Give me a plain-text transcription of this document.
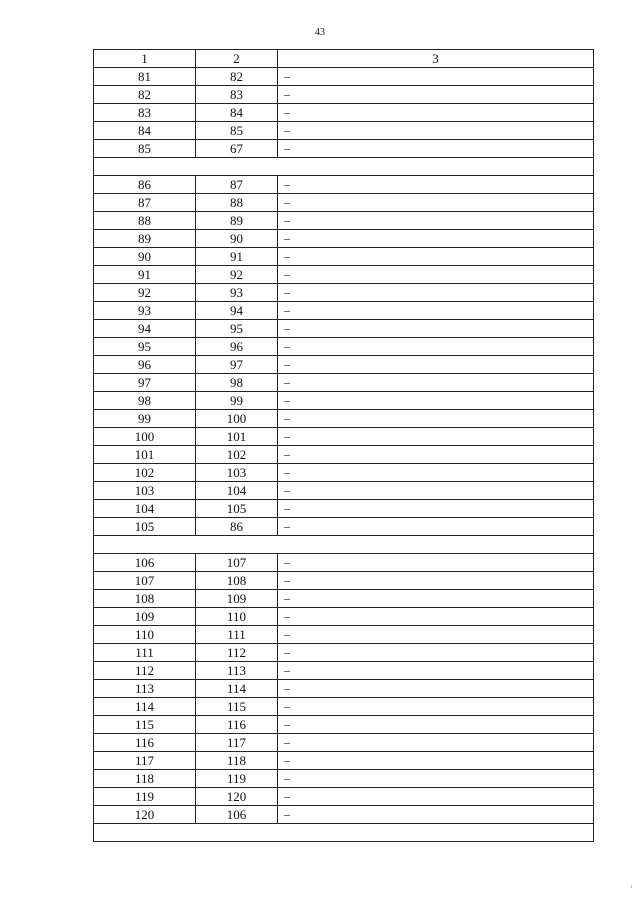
43
1	2	3
81	82	–
82	83	–
83	84	–
84	85	–
85	67	–

86	87	–
87	88	–
88	89	–
89	90	–
90	91	–
91	92	–
92	93	–
93	94	–
94	95	–
95	96	–
96	97	–
97	98	–
98	99	–
99	100	–
100	101	–
101	102	–
102	103	–
103	104	–
104	105	–
105	86	–

106	107	–
107	108	–
108	109	–
109	110	–
110	111	–
111	112	–
112	113	–
113	114	–
114	115	–
115	116	–
116	117	–
117	118	–
118	119	–
119	120	–
120	106	–

ı
